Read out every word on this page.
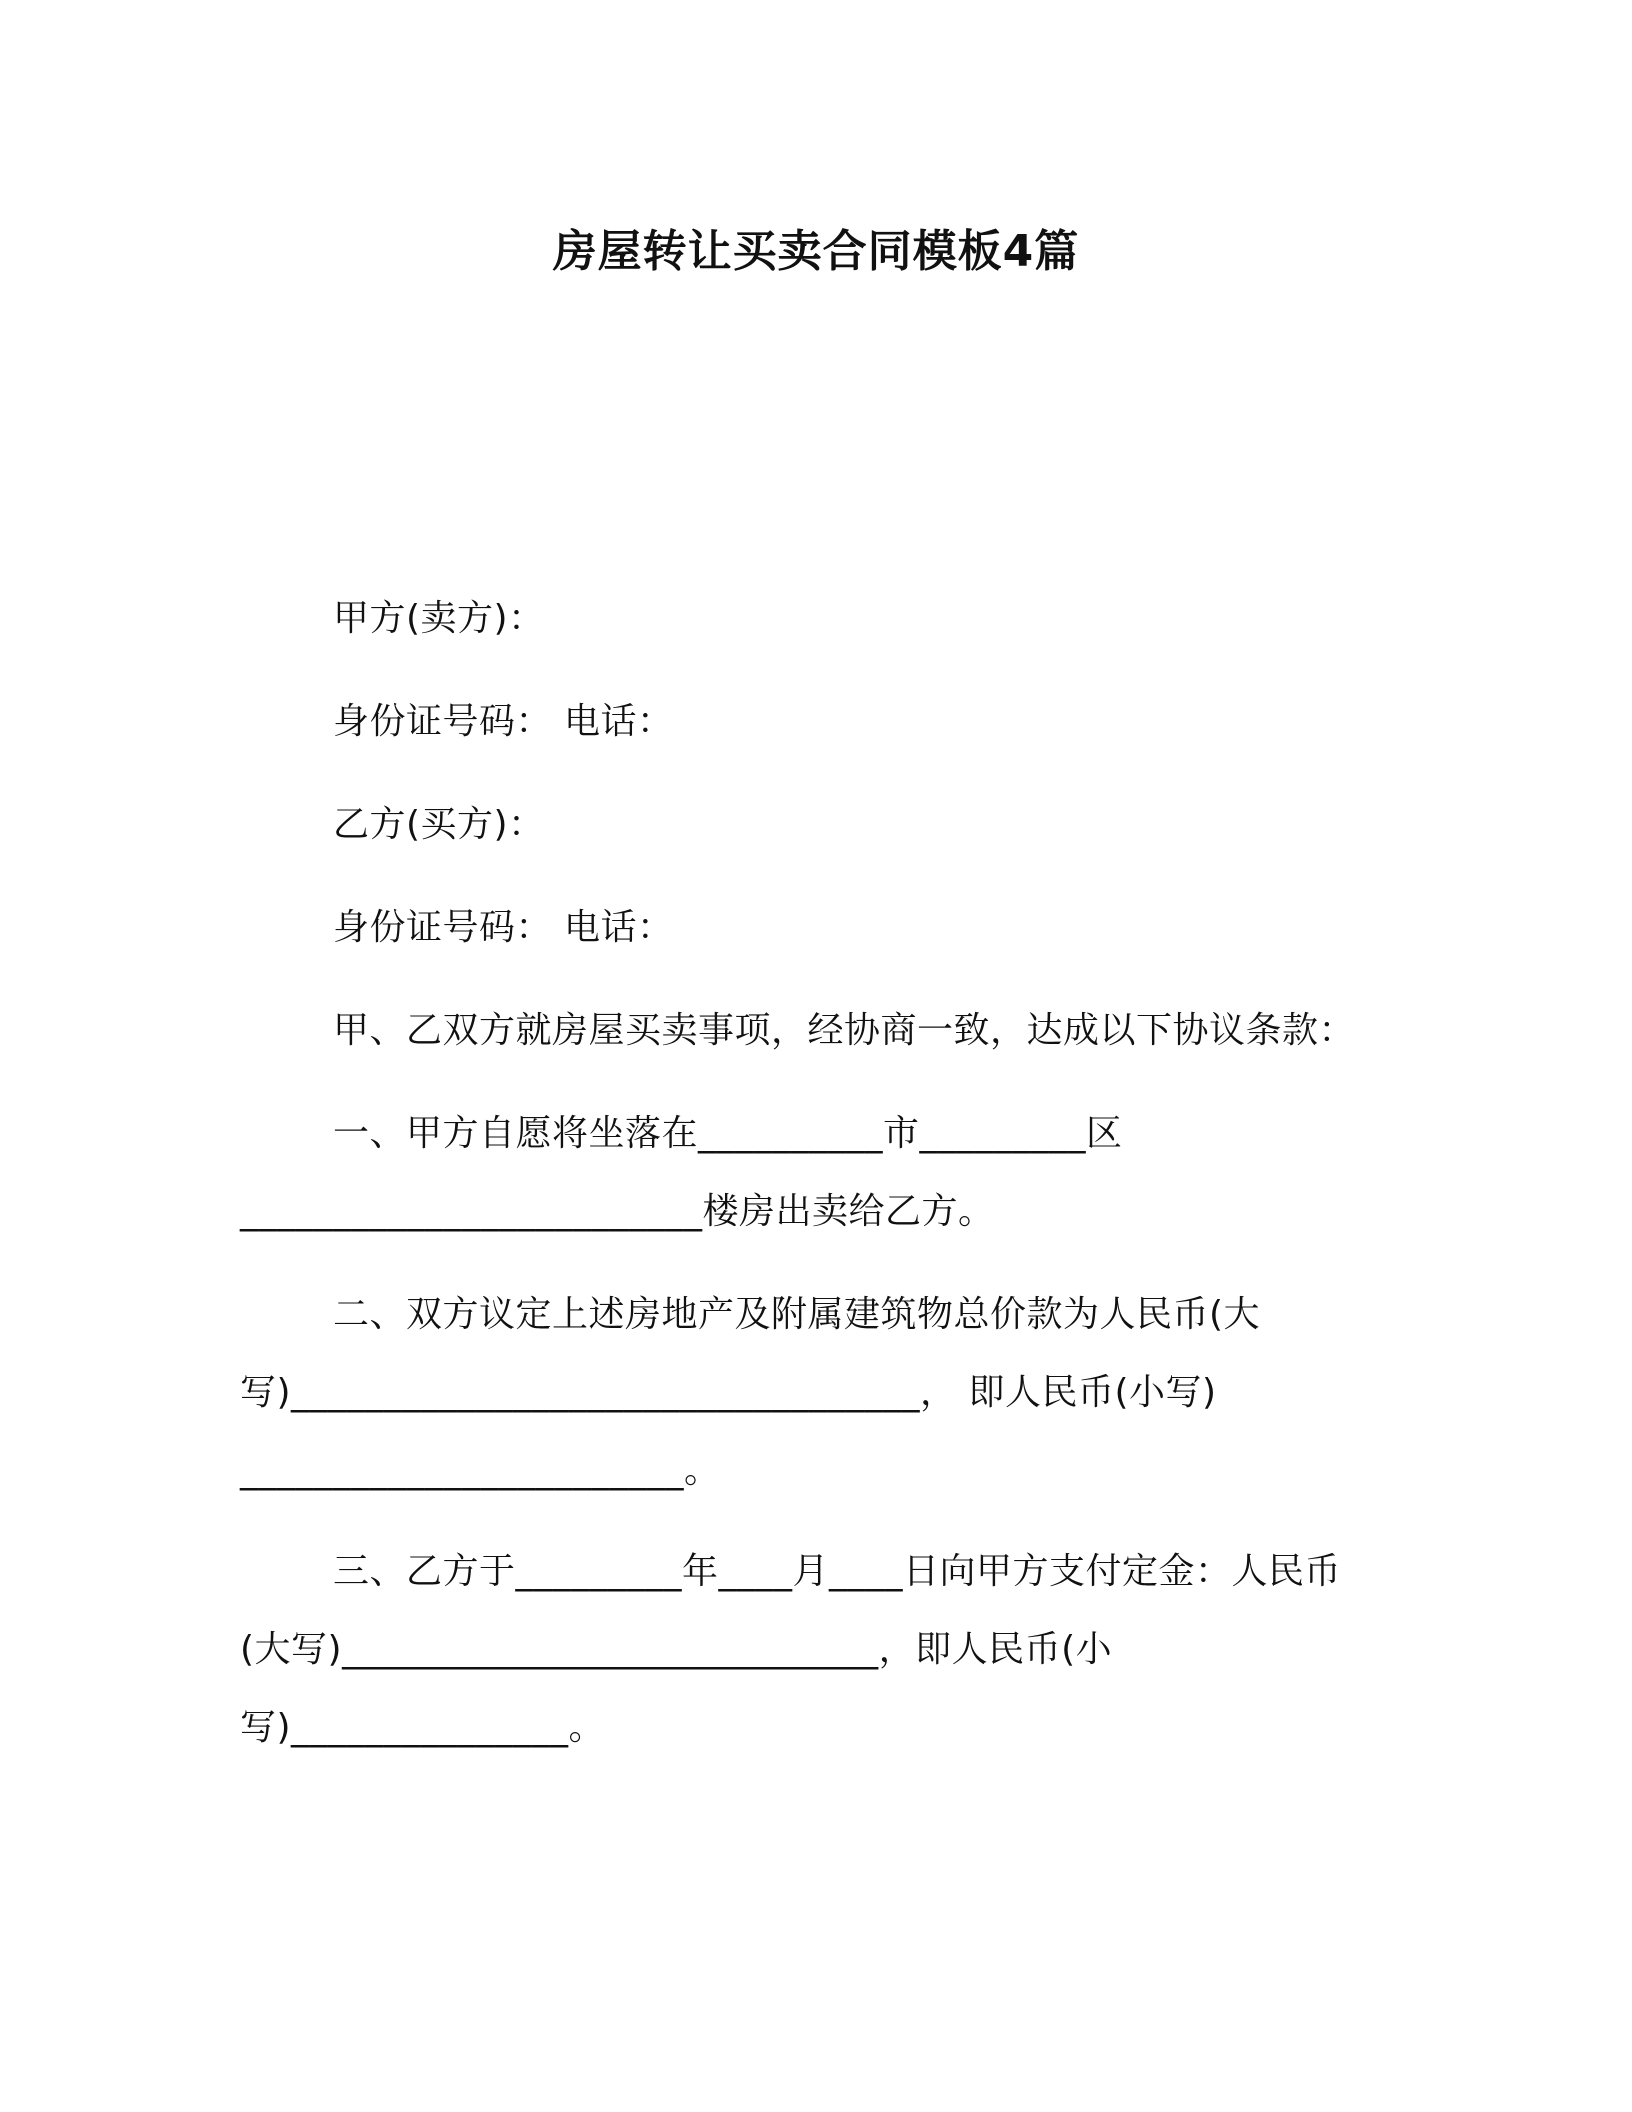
房屋转让买卖合同模板4篇
甲方(卖方)：
身份证号码： 电话：
乙方(买方)：
身份证号码： 电话：
甲、乙双方就房屋买卖事项，经协商一致，达成以下协议条款：
一、甲方自愿将坐落在__________市_________区
_________________________楼房出卖给乙方。
二、双方议定上述房地产及附属建筑物总价款为人民币(大
写)__________________________________， 即人民币(小写)
________________________。
三、乙方于_________年____月____日向甲方支付定金：人民币
(大写)_____________________________，即人民币(小
写)_______________。
